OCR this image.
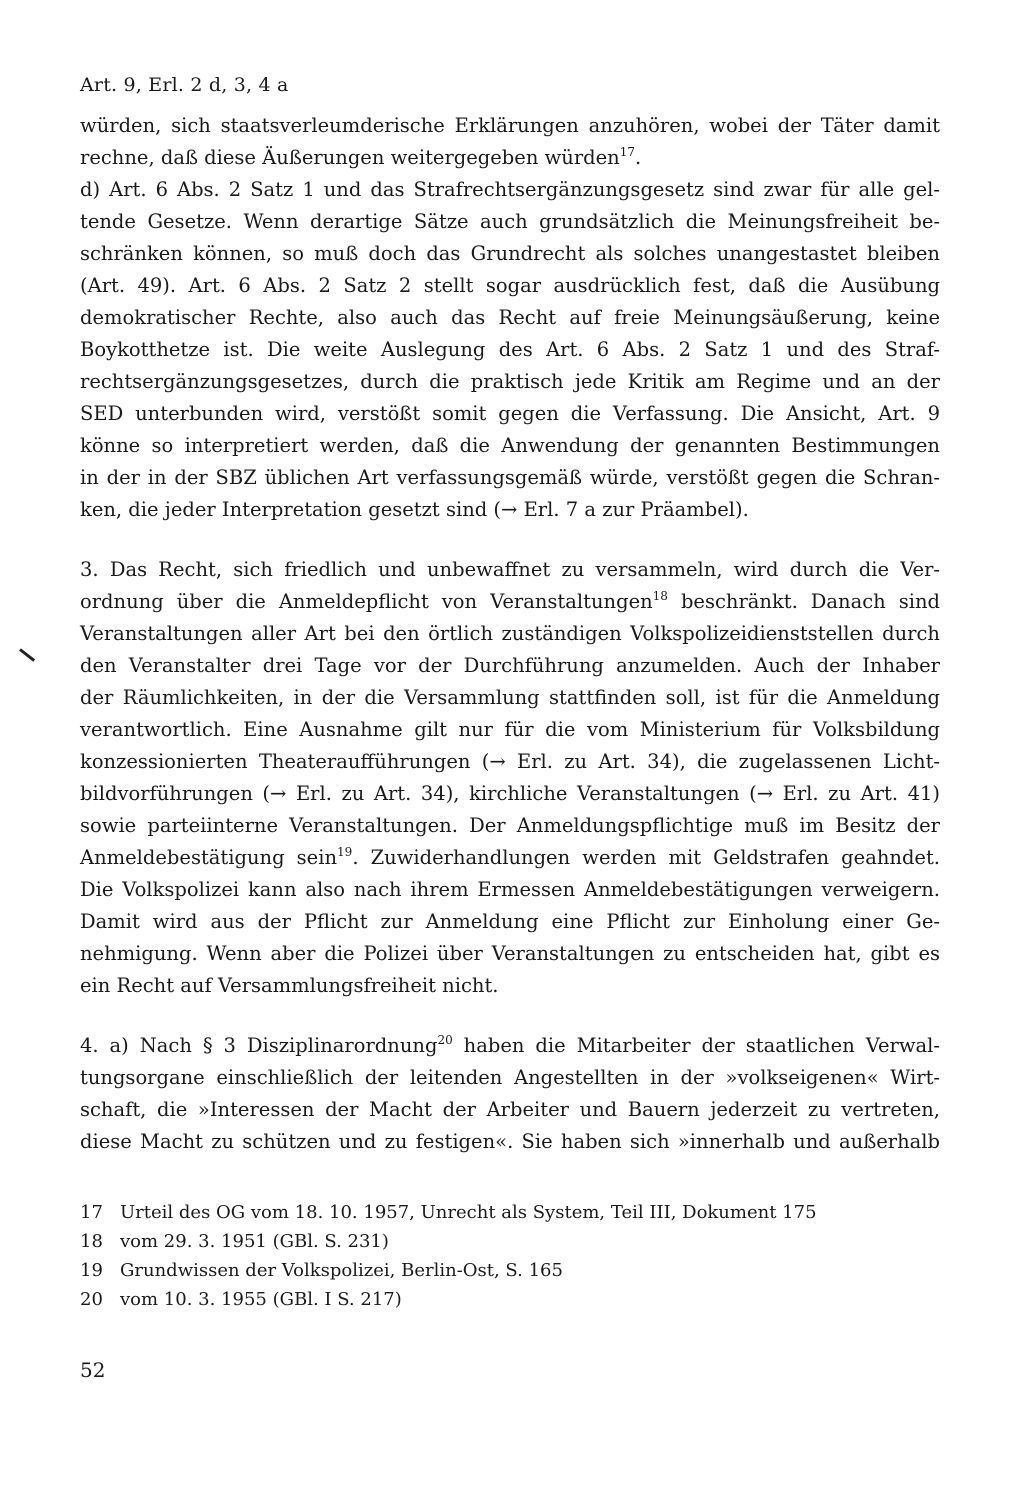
Art. 9, Erl. 2 d, 3, 4 a
würden, sich staatsverleumderische Erklärungen anzuhören, wobei der Täter damit
rechne, daß diese Äußerungen weitergegeben würden$^{17}$.
d) Art. 6 Abs. 2 Satz 1 und das Strafrechtsergänzungsgesetz sind zwar für alle gel-
tende Gesetze. Wenn derartige Sätze auch grundsätzlich die Meinungsfreiheit be-
schränken können, so muß doch das Grundrecht als solches unangestastet bleiben
(Art. 49). Art. 6 Abs. 2 Satz 2 stellt sogar ausdrücklich fest, daß die Ausübung
demokratischer Rechte, also auch das Recht auf freie Meinungsäußerung, keine
Boykotthetze ist. Die weite Auslegung des Art. 6 Abs. 2 Satz 1 und des Straf-
rechtsergänzungsgesetzes, durch die praktisch jede Kritik am Regime und an der
SED unterbunden wird, verstößt somit gegen die Verfassung. Die Ansicht, Art. 9
könne so interpretiert werden, daß die Anwendung der genannten Bestimmungen
in der in der SBZ üblichen Art verfassungsgemäß würde, verstößt gegen die Schran-
ken, die jeder Interpretation gesetzt sind (→ Erl. 7 a zur Präambel).
3. Das Recht, sich friedlich und unbewaffnet zu versammeln, wird durch die Ver-
ordnung über die Anmeldepflicht von Veranstaltungen$^{18}$ beschränkt. Danach sind
Veranstaltungen aller Art bei den örtlich zuständigen Volkspolizeidienststellen durch
den Veranstalter drei Tage vor der Durchführung anzumelden. Auch der Inhaber
der Räumlichkeiten, in der die Versammlung stattfinden soll, ist für die Anmeldung
verantwortlich. Eine Ausnahme gilt nur für die vom Ministerium für Volksbildung
konzessionierten Theateraufführungen (→ Erl. zu Art. 34), die zugelassenen Licht-
bildvorführungen (→ Erl. zu Art. 34), kirchliche Veranstaltungen (→ Erl. zu Art. 41)
sowie parteiinterne Veranstaltungen. Der Anmeldungspflichtige muß im Besitz der
Anmeldebestätigung sein$^{19}$. Zuwiderhandlungen werden mit Geldstrafen geahndet.
Die Volkspolizei kann also nach ihrem Ermessen Anmeldebestätigungen verweigern.
Damit wird aus der Pflicht zur Anmeldung eine Pflicht zur Einholung einer Ge-
nehmigung. Wenn aber die Polizei über Veranstaltungen zu entscheiden hat, gibt es
ein Recht auf Versammlungsfreiheit nicht.
4. a) Nach § 3 Disziplinarordnung$^{20}$ haben die Mitarbeiter der staatlichen Verwal-
tungsorgane einschließlich der leitenden Angestellten in der »volkseigenen« Wirt-
schaft, die »Interessen der Macht der Arbeiter und Bauern jederzeit zu vertreten,
diese Macht zu schützen und zu festigen«. Sie haben sich »innerhalb und außerhalb
17 Urteil des OG vom 18. 10. 1957, Unrecht als System, Teil III, Dokument 175
18 vom 29. 3. 1951 (GBl. S. 231)
19 Grundwissen der Volkspolizei, Berlin-Ost, S. 165
20 vom 10. 3. 1955 (GBl. I S. 217)
52
